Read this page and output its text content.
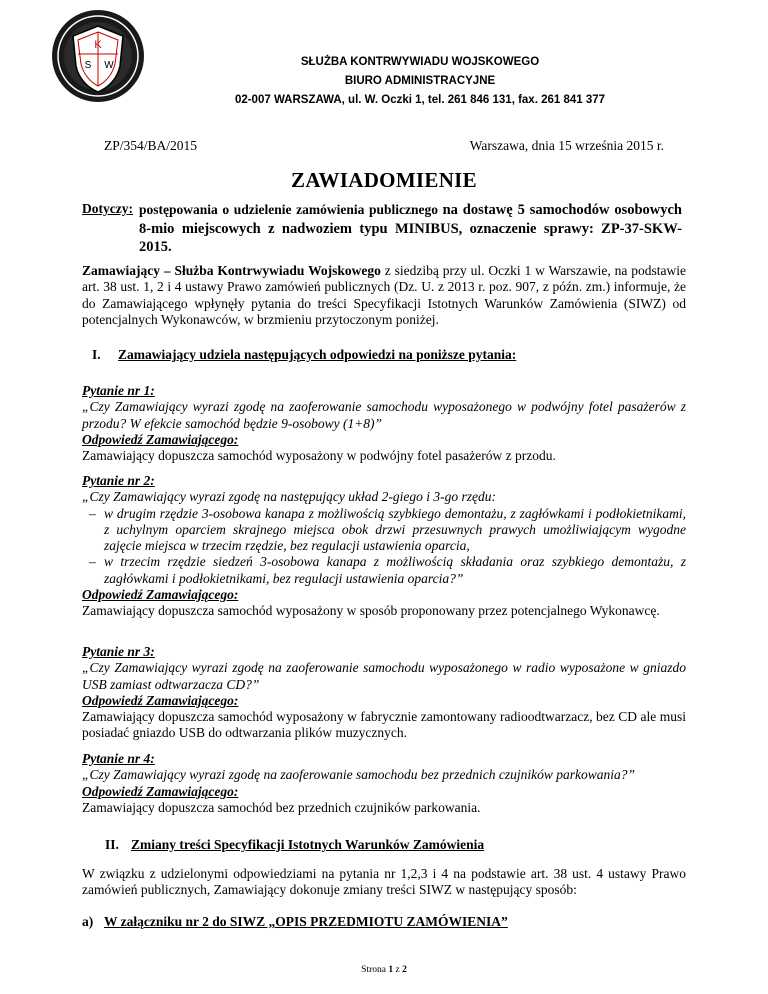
K
S W	SŁUŻBA KONTRWYWIADU WOJSKOWEGO
BIURO ADMINISTRACYJNE
02-007 WARSZAWA, ul. W. Oczki 1, tel. 261 846 131, fax. 261 841 377
ZP/354/BA/2015	Warszawa, dnia 15 września 2015 r.
ZAWIADOMIENIE
Dotyczy: postępowania o udzielenie zamówienia publicznego na dostawę 5 samochodów osobowych 8-mio miejscowych z nadwoziem typu MINIBUS, oznaczenie sprawy: ZP-37-SKW-2015.
Zamawiający – Służba Kontrwywiadu Wojskowego z siedzibą przy ul. Oczki 1 w Warszawie, na podstawie art. 38 ust. 1, 2 i 4 ustawy Prawo zamówień publicznych (Dz. U. z 2013 r. poz. 907, z późn. zm.) informuje, że do Zamawiającego wpłynęły pytania do treści Specyfikacji Istotnych Warunków Zamówienia (SIWZ) od potencjalnych Wykonawców, w brzmieniu przytoczonym poniżej.
I. Zamawiający udziela następujących odpowiedzi na poniższe pytania:
Pytanie nr 1:
„Czy Zamawiający wyrazi zgodę na zaoferowanie samochodu wyposażonego w podwójny fotel pasażerów z przodu? W efekcie samochód będzie 9-osobowy (1+8)”
Odpowiedź Zamawiającego:
Zamawiający dopuszcza samochód wyposażony w podwójny fotel pasażerów z przodu.
Pytanie nr 2:
„Czy Zamawiający wyrazi zgodę na następujący układ 2-giego i 3-go rzędu:
– w drugim rzędzie 3-osobowa kanapa z możliwością szybkiego demontażu, z zagłówkami i podłokietnikami, z uchylnym oparciem skrajnego miejsca obok drzwi przesuwnych prawych umożliwiającym wygodne zajęcie miejsca w trzecim rzędzie, bez regulacji ustawienia oparcia,
– w trzecim rzędzie siedzeń 3-osobowa kanapa z możliwością składania oraz szybkiego demontażu, z zagłówkami i podłokietnikami, bez regulacji ustawienia oparcia?”
Odpowiedź Zamawiającego:
Zamawiający dopuszcza samochód wyposażony w sposób proponowany przez potencjalnego Wykonawcę.
Pytanie nr 3:
„Czy Zamawiający wyrazi zgodę na zaoferowanie samochodu wyposażonego w radio wyposażone w gniazdo USB zamiast odtwarzacza CD?”
Odpowiedź Zamawiającego:
Zamawiający dopuszcza samochód wyposażony w fabrycznie zamontowany radioodtwarzacz, bez CD ale musi posiadać gniazdo USB do odtwarzania plików muzycznych.
Pytanie nr 4:
„Czy Zamawiający wyrazi zgodę na zaoferowanie samochodu bez przednich czujników parkowania?”
Odpowiedź Zamawiającego:
Zamawiający dopuszcza samochód bez przednich czujników parkowania.
II. Zmiany treści Specyfikacji Istotnych Warunków Zamówienia
W związku z udzielonymi odpowiedziami na pytania nr 1,2,3 i 4 na podstawie art. 38 ust. 4 ustawy Prawo zamówień publicznych, Zamawiający dokonuje zmiany treści SIWZ w następujący sposób:
a) W załączniku nr 2 do SIWZ „OPIS PRZEDMIOTU ZAMÓWIENIA”
Strona 1 z 2
